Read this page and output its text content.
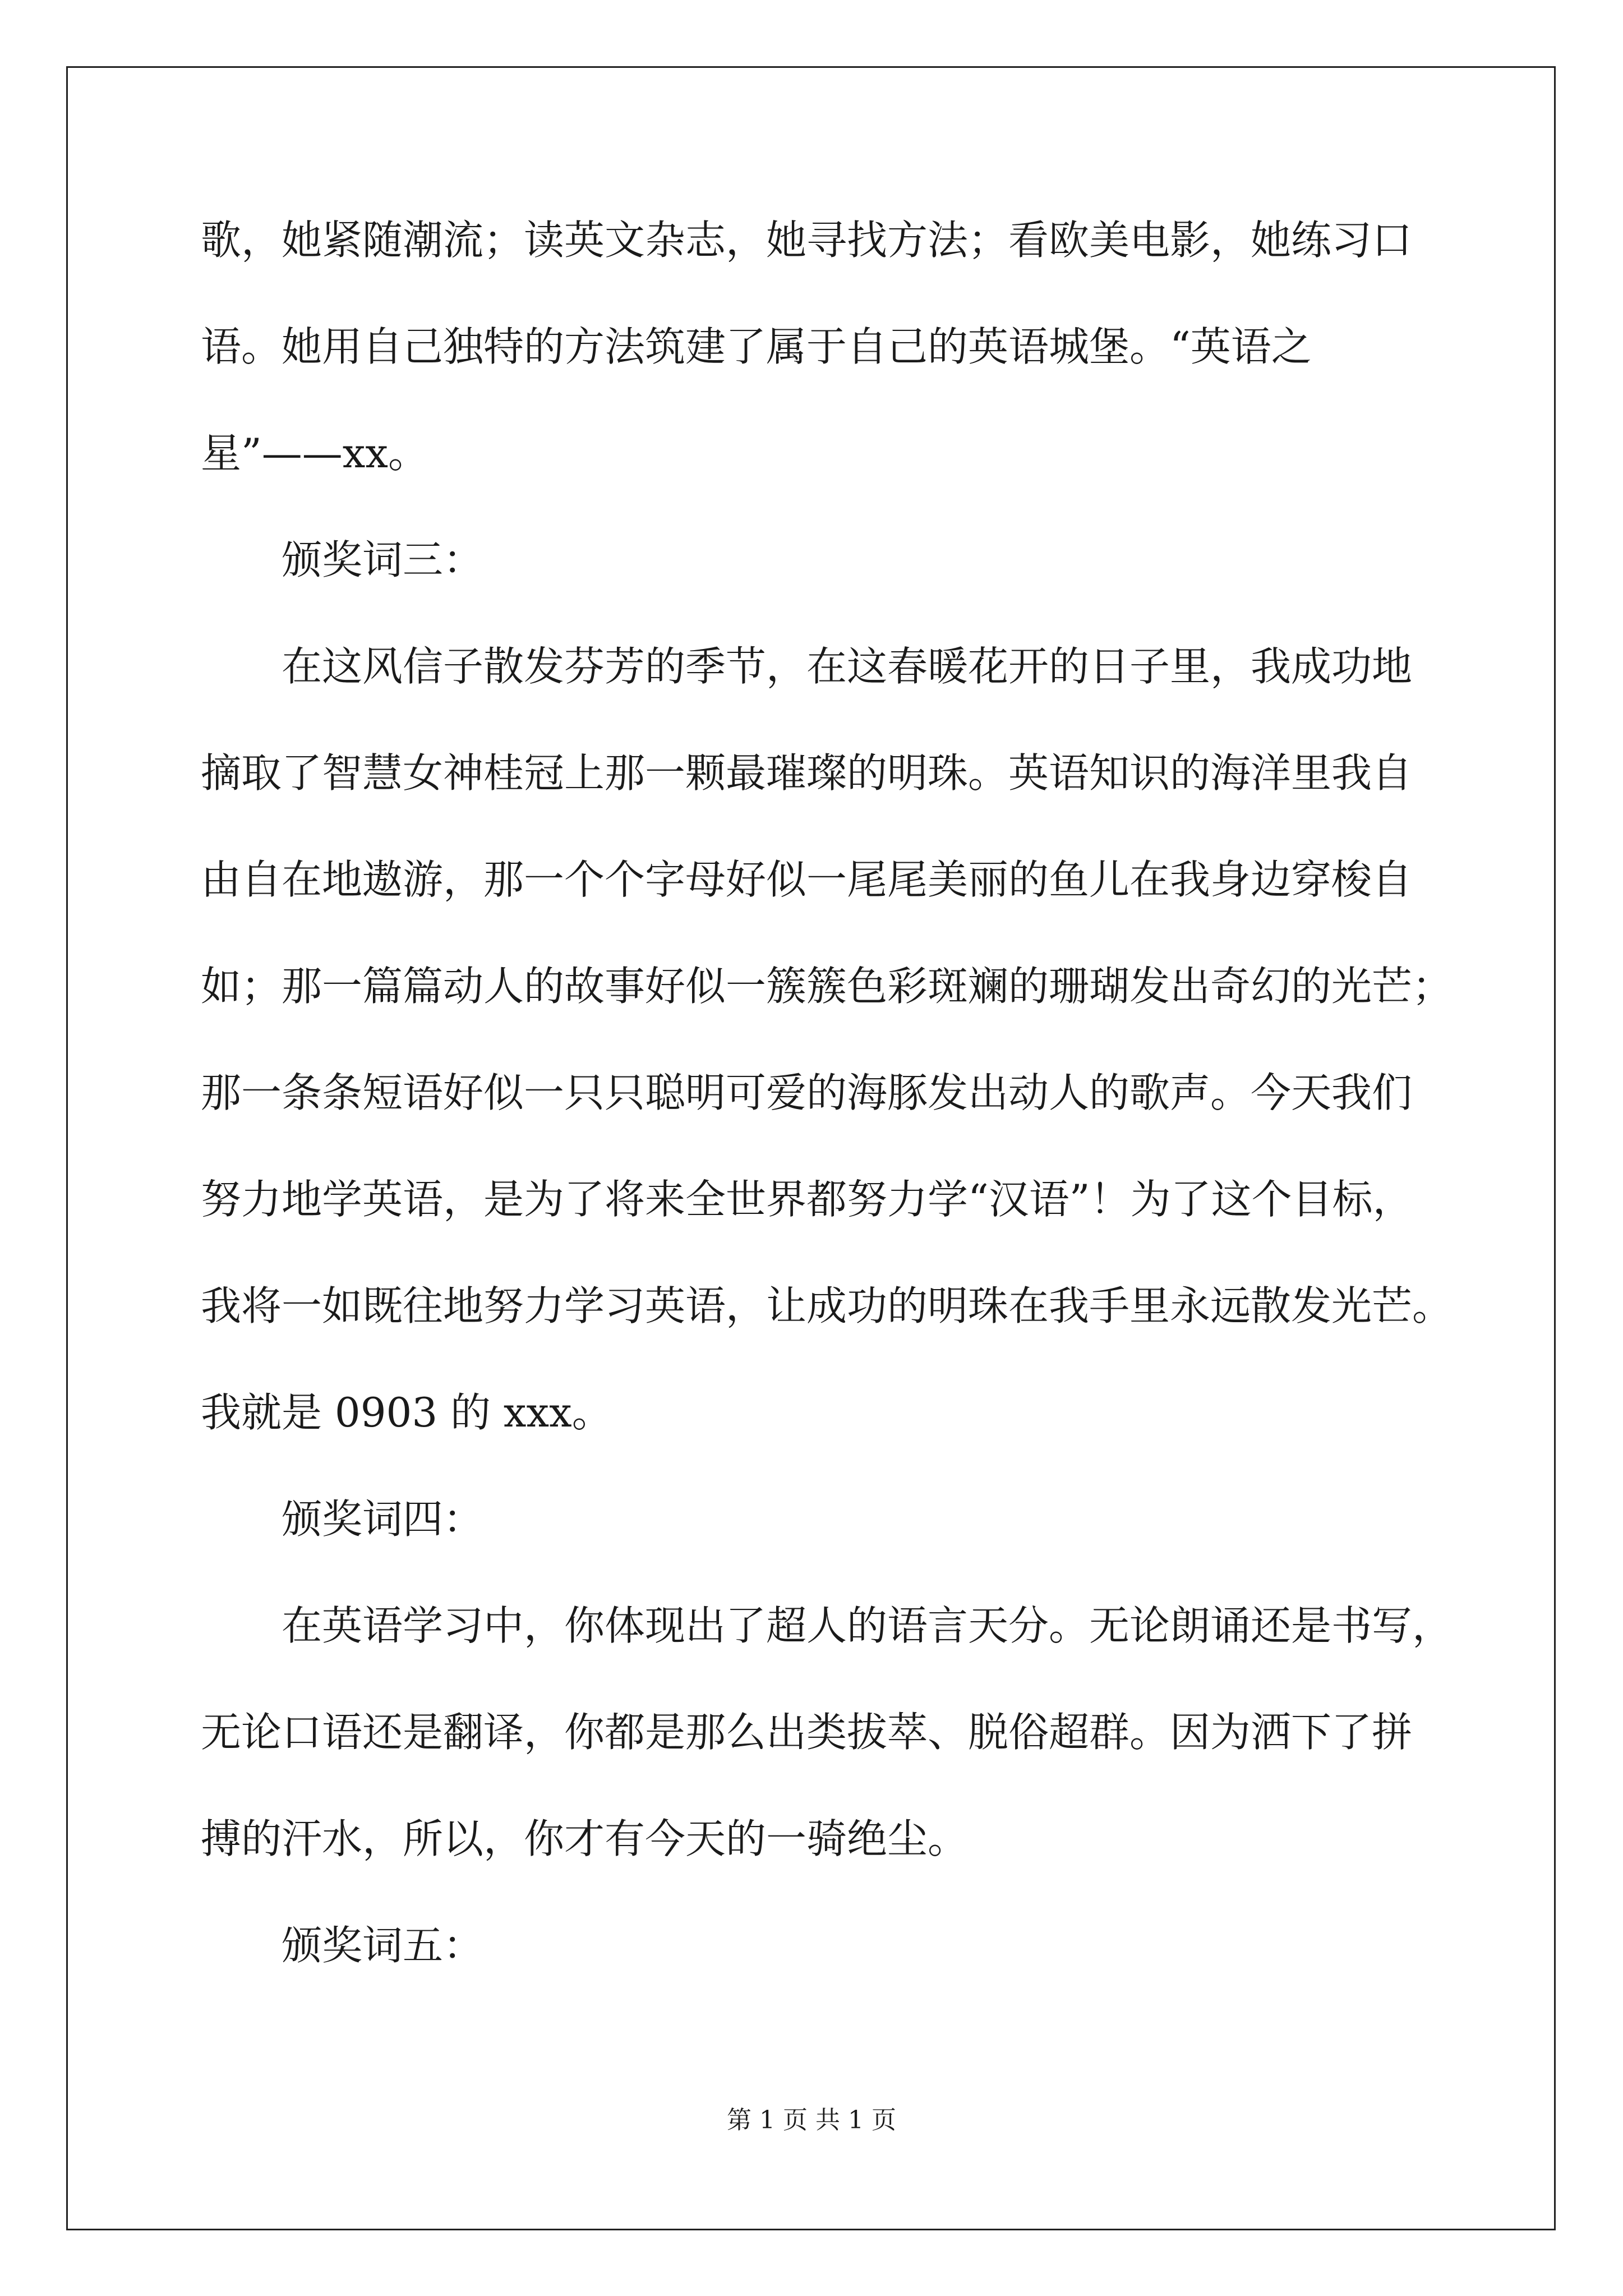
歌，她紧随潮流；读英文杂志，她寻找方法；看欧美电影，她练习口
语。她用自己独特的方法筑建了属于自己的英语城堡。“英语之
星”——xx。
颁奖词三：
在这风信子散发芬芳的季节，在这春暖花开的日子里，我成功地
摘取了智慧女神桂冠上那一颗最璀璨的明珠。英语知识的海洋里我自
由自在地遨游，那一个个字母好似一尾尾美丽的鱼儿在我身边穿梭自
如；那一篇篇动人的故事好似一簇簇色彩斑斓的珊瑚发出奇幻的光芒；
那一条条短语好似一只只聪明可爱的海豚发出动人的歌声。今天我们
努力地学英语，是为了将来全世界都努力学“汉语”！为了这个目标，
我将一如既往地努力学习英语，让成功的明珠在我手里永远散发光芒。
我就是 0903 的 xxx。
颁奖词四：
在英语学习中，你体现出了超人的语言天分。无论朗诵还是书写，
无论口语还是翻译，你都是那么出类拔萃、脱俗超群。因为洒下了拼
搏的汗水，所以，你才有今天的一骑绝尘。
颁奖词五：
第 1 页 共 1 页
